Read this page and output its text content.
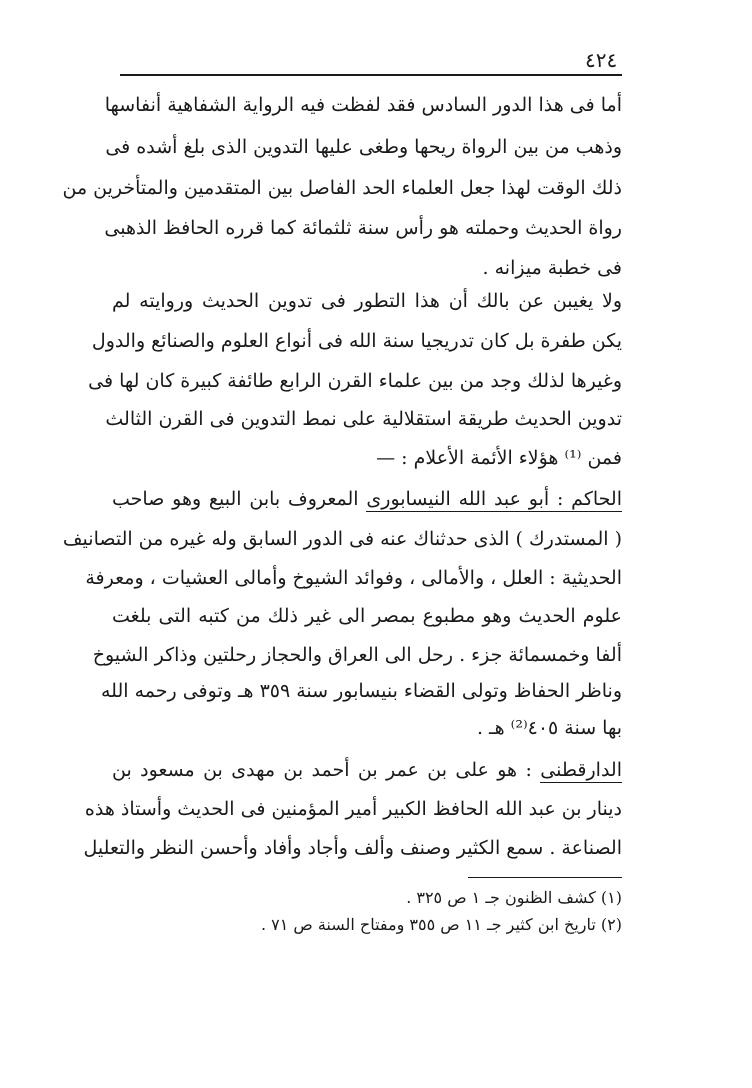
٤٢٤
أما فى هذا الدور السادس فقد لفظت فيه الرواية الشفاهية أنفاسها
وذهب من بين الرواة ريحها وطغى عليها التدوين الذى بلغ أشده فى
ذلك الوقت لهذا جعل العلماء الحد الفاصل بين المتقدمين والمتأخرين من
رواة الحديث وحملته هو رأس سنة ثلثمائة كما قرره الحافظ الذهبى
فى خطبة ميزانه .
ولا يغيبن عن بالك أن هذا التطور فى تدوين الحديث وروايته لم
يكن طفرة بل كان تدريجيا سنة الله فى أنواع العلوم والصنائع والدول
وغيرها لذلك وجد من بين علماء القرن الرابع طائفة كبيرة كان لها فى
تدوين الحديث طريقة استقلالية على نمط التدوين فى القرن الثالث
فمن ⁽¹⁾ هؤلاء الأئمة الأعلام : —
الحاكم : أبو عبد الله النيسابورى المعروف بابن البيع وهو صاحب
( المستدرك ) الذى حدثناك عنه فى الدور السابق وله غيره من التصانيف
الحديثية : العلل ، والأمالى ، وفوائد الشيوخ وأمالى العشيات ، ومعرفة
علوم الحديث وهو مطبوع بمصر الى غير ذلك من كتبه التى بلغت
ألفا وخمسمائة جزء . رحل الى العراق والحجاز رحلتين وذاكر الشيوخ
وناظر الحفاظ وتولى القضاء بنيسابور سنة ٣٥٩ هـ وتوفى رحمه الله
بها سنة ٤٠٥⁽²⁾ هـ .
الدارقطنى : هو على بن عمر بن أحمد بن مهدى بن مسعود بن
دينار بن عبد الله الحافظ الكبير أمير المؤمنين فى الحديث وأستاذ هذه
الصناعة . سمع الكثير وصنف وألف وأجاد وأفاد وأحسن النظر والتعليل
(١) كشف الظنون جـ ١ ص ٣٢٥ .
(٢) تاريخ ابن كثير جـ ١١ ص ٣٥٥ ومفتاح السنة ص ٧١ .
